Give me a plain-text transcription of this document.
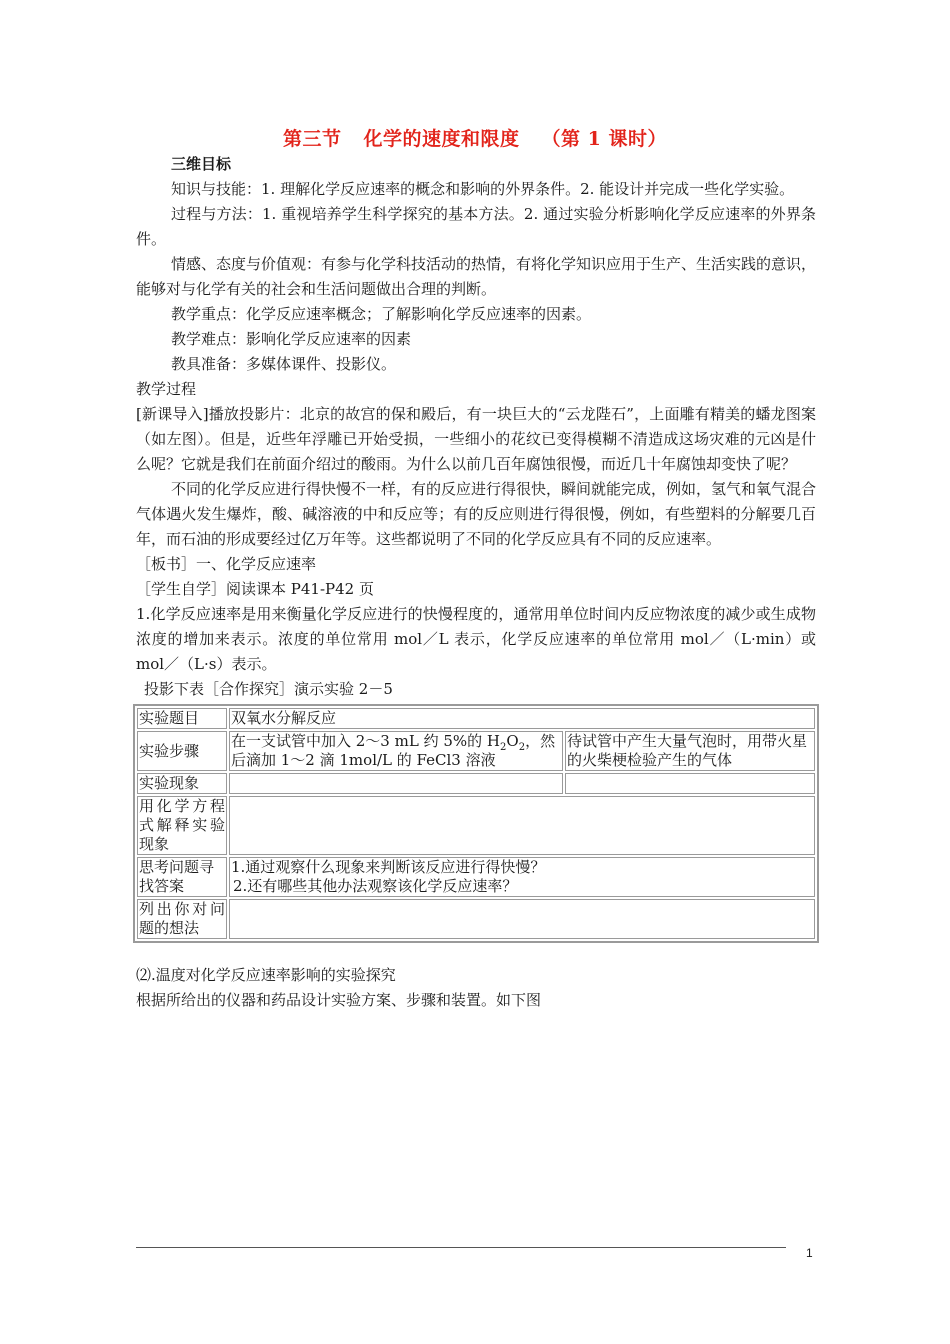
第三节 化学的速度和限度 （第 1 课时）

三维目标

知识与技能：1. 理解化学反应速率的概念和影响的外界条件。2. 能设计并完成一些化学实验。

过程与方法：1. 重视培养学生科学探究的基本方法。2. 通过实验分析影响化学反应速率的外界条件。

情感、态度与价值观：有参与化学科技活动的热情，有将化学知识应用于生产、生活实践的意识，能够对与化学有关的社会和生活问题做出合理的判断。

教学重点：化学反应速率概念；了解影响化学反应速率的因素。

教学难点：影响化学反应速率的因素

教具准备：多媒体课件、投影仪。

教学过程

[新课导入]播放投影片：北京的故宫的保和殿后，有一块巨大的“云龙陛石”，上面雕有精美的蟠龙图案（如左图）。但是，近些年浮雕已开始受损，一些细小的花纹已变得模糊不清造成这场灾难的元凶是什么呢？它就是我们在前面介绍过的酸雨。为什么以前几百年腐蚀很慢，而近几十年腐蚀却变快了呢？

不同的化学反应进行得快慢不一样，有的反应进行得很快，瞬间就能完成，例如，氢气和氧气混合气体遇火发生爆炸，酸、碱溶液的中和反应等；有的反应则进行得很慢，例如，有些塑料的分解要几百年，而石油的形成要经过亿万年等。这些都说明了不同的化学反应具有不同的反应速率。

［板书］一、化学反应速率

［学生自学］阅读课本 P41-P42 页

1.化学反应速率是用来衡量化学反应进行的快慢程度的，通常用单位时间内反应物浓度的减少或生成物浓度的增加来表示。浓度的单位常用 mol／L 表示，化学反应速率的单位常用 mol／（L·min）或 mol／（L·s）表示。

投影下表［合作探究］演示实验 2－5

实验题目	双氧水分解反应	
实验步骤	在一支试管中加入 2～3 mL 约 5%的 $H_2O_2$，然后滴加 1～2 滴 1mol/L 的 FeCl3 溶液	待试管中产生大量气泡时，用带火星的火柴梗检验产生的气体
实验现象		
用化学方程式解释实验现象		
思考问题寻找答案	1.通过观察什么现象来判断该反应进行得快慢？
2.还有哪些其他办法观察该化学反应速率？	

列出你对问题的想法		

⑵.温度对化学反应速率影响的实验探究

根据所给出的仪器和药品设计实验方案、步骤和装置。如下图

1
